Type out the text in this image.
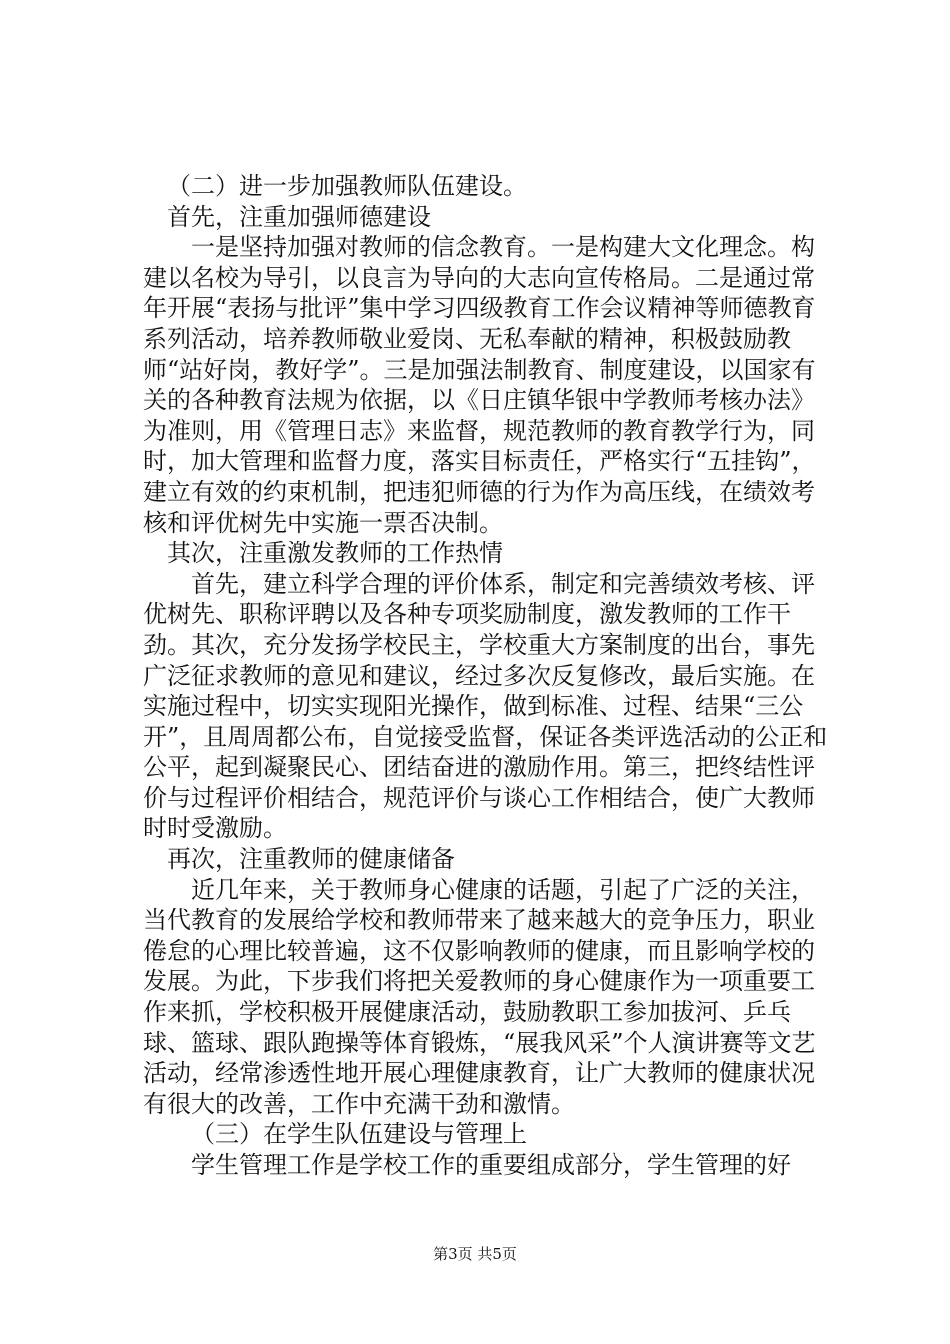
（二）进一步加强教师队伍建设。

首先，注重加强师德建设

一是坚持加强对教师的信念教育。一是构建大文化理念。构建以名校为导引，以良言为导向的大志向宣传格局。二是通过常年开展“表扬与批评”集中学习四级教育工作会议精神等师德教育系列活动，培养教师敬业爱岗、无私奉献的精神，积极鼓励教师“站好岗，教好学”。三是加强法制教育、制度建设，以国家有关的各种教育法规为依据，以《日庄镇华银中学教师考核办法》为准则，用《管理日志》来监督，规范教师的教育教学行为，同时，加大管理和监督力度，落实目标责任，严格实行“五挂钩”，建立有效的约束机制，把违犯师德的行为作为高压线，在绩效考核和评优树先中实施一票否决制。

其次，注重激发教师的工作热情

首先，建立科学合理的评价体系，制定和完善绩效考核、评优树先、职称评聘以及各种专项奖励制度，激发教师的工作干劲。其次，充分发扬学校民主，学校重大方案制度的出台，事先广泛征求教师的意见和建议，经过多次反复修改，最后实施。在实施过程中，切实实现阳光操作，做到标准、过程、结果“三公开”，且周周都公布，自觉接受监督，保证各类评选活动的公正和公平，起到凝聚民心、团结奋进的激励作用。第三，把终结性评价与过程评价相结合，规范评价与谈心工作相结合，使广大教师时时受激励。

再次，注重教师的健康储备

近几年来，关于教师身心健康的话题，引起了广泛的关注，当代教育的发展给学校和教师带来了越来越大的竞争压力，职业倦怠的心理比较普遍，这不仅影响教师的健康，而且影响学校的发展。为此，下步我们将把关爱教师的身心健康作为一项重要工作来抓，学校积极开展健康活动，鼓励教职工参加拔河、乒乓球、篮球、跟队跑操等体育锻炼，“展我风采”个人演讲赛等文艺活动，经常渗透性地开展心理健康教育，让广大教师的健康状况有很大的改善，工作中充满干劲和激情。

（三）在学生队伍建设与管理上

学生管理工作是学校工作的重要组成部分，学生管理的好

第3页 共5页
